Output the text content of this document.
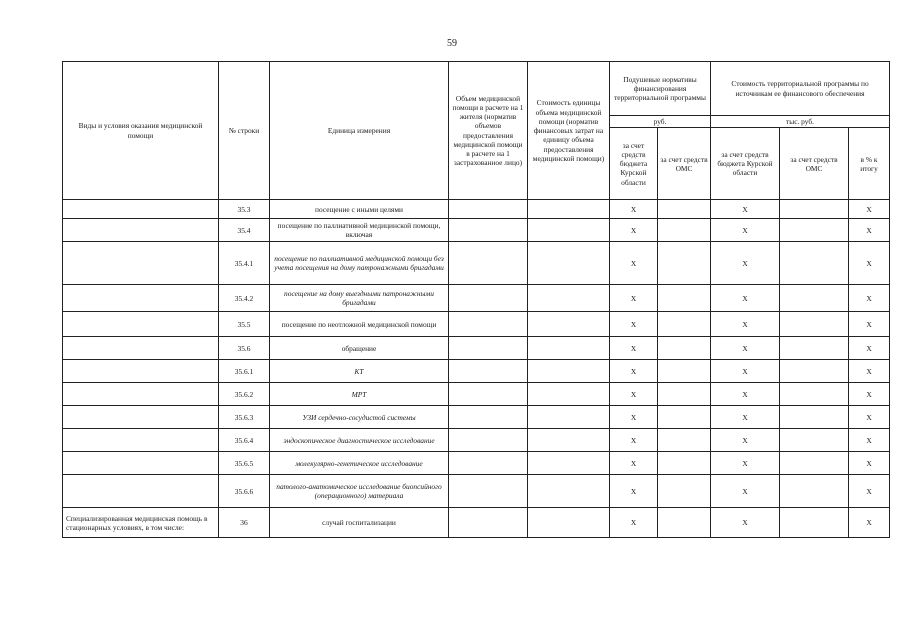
59
Виды и условия оказания медицинской помощи	№ строки	Единица измерения	Объем медицинской помощи в расчете на 1 жителя (норматив объемов предоставления медицинской помощи в расчете на 1 застрахованное лицо)	Стоимость единицы объема медицинской помощи (норматив финансовых затрат на единицу объема предоставления медицинской помощи)	Подушевые нормативы финансирования территориальной программы		Стоимость территориальной программы по источникам ее финансового обеспечения		
					руб.		тыс. руб.		
					за счет средств бюджета Курской области	за счет средств ОМС	за счет средств бюджета Курской области	за счет средств ОМС	в % к итогу
	35.3	посещение с иными целями			X		X		X
	35.4	посещение по паллиативной медицинской помощи, включая			X		X		X
	35.4.1	посещение по паллиативной медицинской помощи без учета посещения на дому патронажными бригадами			X		X		X
	35.4.2	посещение на дому выездными патронажными бригадами			X		X		X
	35.5	посещение по неотложной медицинской помощи			X		X		X
	35.6	обращение			X		X		X
	35.6.1	КТ			X		X		X
	35.6.2	МРТ			X		X		X
	35.6.3	УЗИ сердечно-сосудистой системы			X		X		X
	35.6.4	эндоскопическое диагностическое исследование			X		X		X
	35.6.5	молекулярно-генетическое исследование			X		X		X
	35.6.6	патолого-анатомическое исследование биопсийного (операционного) материала			X		X		X
Специализированная медицинская помощь в стационарных условиях, в том числе:	36	случай госпитализации			X		X		X
